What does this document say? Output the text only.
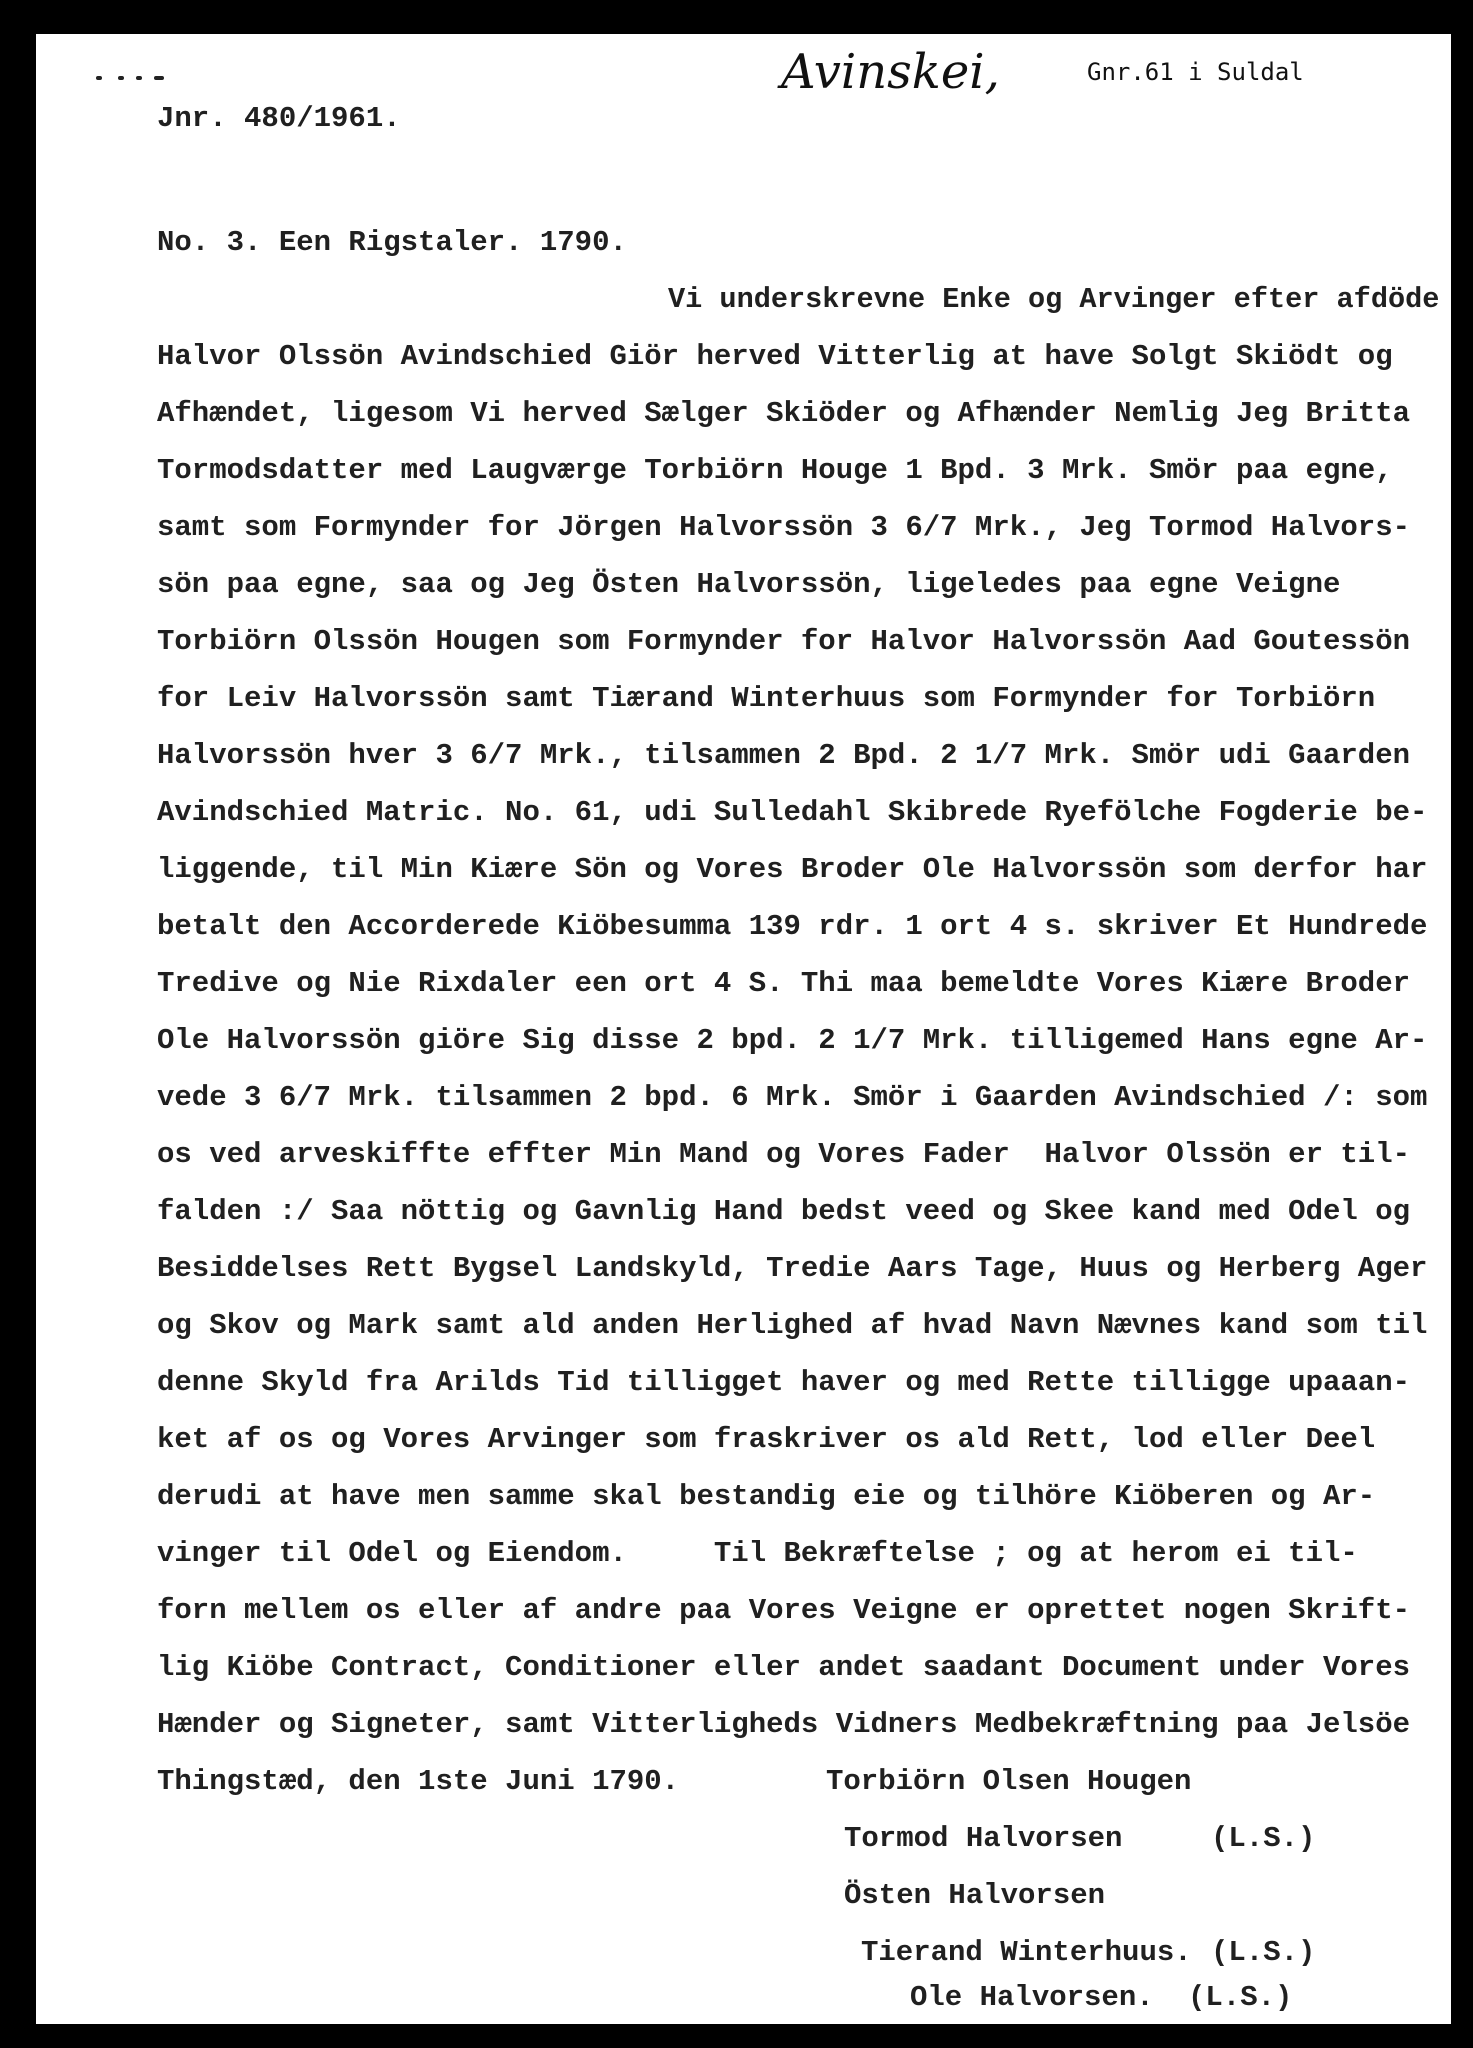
Avinskei,	Gnr.61 i Suldal
Jnr. 480/1961.
No. 3. Een Rigstaler. 1790.
Vi underskrevne Enke og Arvinger efter afdöde
Halvor Olssön Avindschied Giör herved Vitterlig at have Solgt Skiödt og
Afhændet, ligesom Vi herved Sælger Skiöder og Afhænder Nemlig Jeg Britta
Tormodsdatter med Laugværge Torbiörn Houge 1 Bpd. 3 Mrk. Smör paa egne,
samt som Formynder for Jörgen Halvorssön 3 6/7 Mrk., Jeg Tormod Halvors-
sön paa egne, saa og Jeg Östen Halvorssön, ligeledes paa egne Veigne
Torbiörn Olssön Hougen som Formynder for Halvor Halvorssön Aad Goutessön
for Leiv Halvorssön samt Tiærand Winterhuus som Formynder for Torbiörn
Halvorssön hver 3 6/7 Mrk., tilsammen 2 Bpd. 2 1/7 Mrk. Smör udi Gaarden
Avindschied Matric. No. 61, udi Sulledahl Skibrede Ryefölche Fogderie be-
liggende, til Min Kiære Sön og Vores Broder Ole Halvorssön som derfor har
betalt den Accorderede Kiöbesumma 139 rdr. 1 ort 4 s. skriver Et Hundrede
Tredive og Nie Rixdaler een ort 4 S. Thi maa bemeldte Vores Kiære Broder
Ole Halvorssön giöre Sig disse 2 bpd. 2 1/7 Mrk. tilligemed Hans egne Ar-
vede 3 6/7 Mrk. tilsammen 2 bpd. 6 Mrk. Smör i Gaarden Avindschied /: som
os ved arveskiffte effter Min Mand og Vores Fader  Halvor Olssön er til-
falden :/ Saa nöttig og Gavnlig Hand bedst veed og Skee kand med Odel og
Besiddelses Rett Bygsel Landskyld, Tredie Aars Tage, Huus og Herberg Ager
og Skov og Mark samt ald anden Herlighed af hvad Navn Nævnes kand som til
denne Skyld fra Arilds Tid tilligget haver og med Rette tilligge upaaan-
ket af os og Vores Arvinger som fraskriver os ald Rett, lod eller Deel
derudi at have men samme skal bestandig eie og tilhöre Kiöberen og Ar-
vinger til Odel og Eiendom.     Til Bekræftelse ; og at herom ei til-
forn mellem os eller af andre paa Vores Veigne er oprettet nogen Skrift-
lig Kiöbe Contract, Conditioner eller andet saadant Document under Vores
Hænder og Signeter, samt Vitterligheds Vidners Medbekræftning paa Jelsöe
Thingstæd, den 1ste Juni 1790.	Torbiörn Olsen Hougen
Tormod Halvorsen	(L.S.)
Östen Halvorsen
Tierand Winterhuus. (L.S.)
Ole Halvorsen. (L.S.)
